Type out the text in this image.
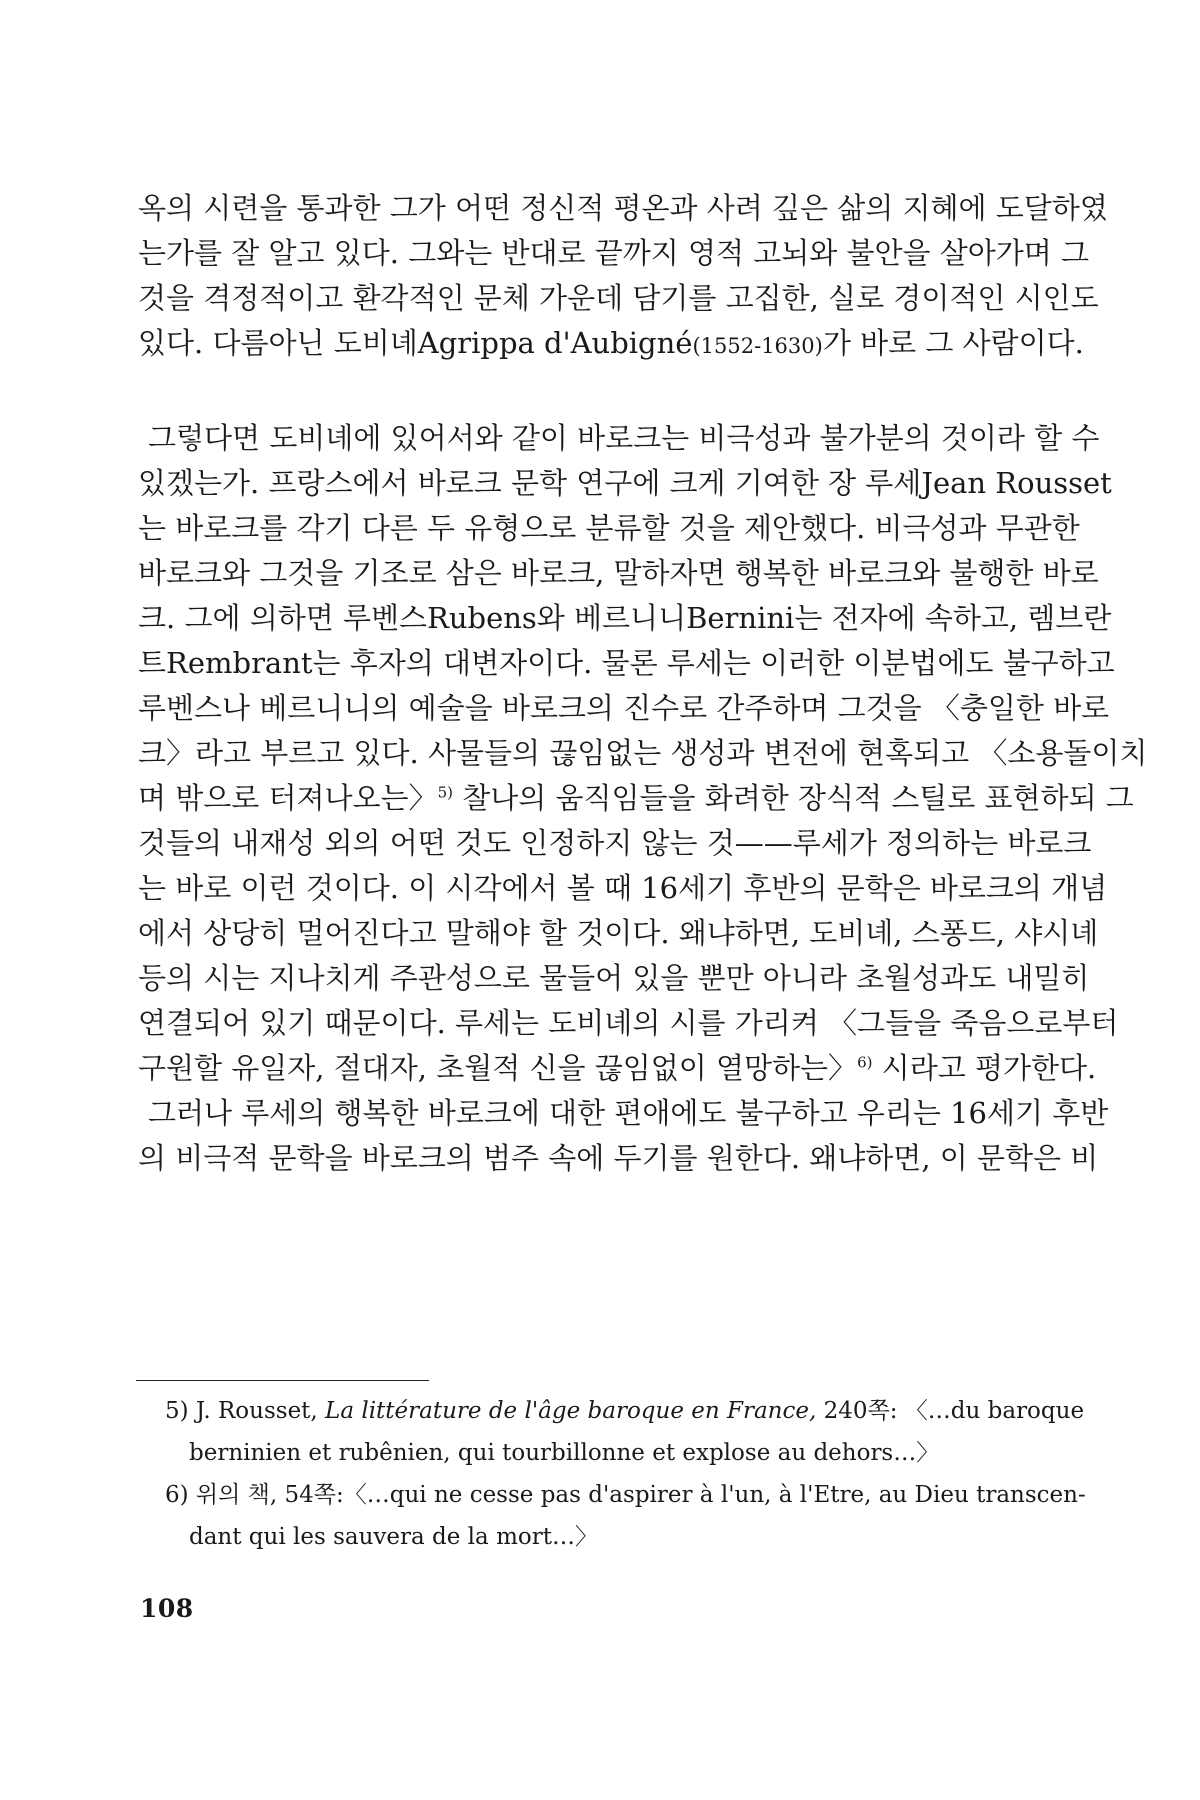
옥의 시련을 통과한 그가 어떤 정신적 평온과 사려 깊은 삶의 지혜에 도달하였
는가를 잘 알고 있다. 그와는 반대로 끝까지 영적 고뇌와 불안을 살아가며 그
것을 격정적이고 환각적인 문체 가운데 담기를 고집한, 실로 경이적인 시인도
있다. 다름아닌 도비녜Agrippa d'Aubigné(1552-1630)가 바로 그 사람이다.
그렇다면 도비녜에 있어서와 같이 바로크는 비극성과 불가분의 것이라 할 수
있겠는가. 프랑스에서 바로크 문학 연구에 크게 기여한 장 루세Jean Rousset
는 바로크를 각기 다른 두 유형으로 분류할 것을 제안했다. 비극성과 무관한
바로크와 그것을 기조로 삼은 바로크, 말하자면 행복한 바로크와 불행한 바로
크. 그에 의하면 루벤스Rubens와 베르니니Bernini는 전자에 속하고, 렘브란
트Rembrant는 후자의 대변자이다. 물론 루세는 이러한 이분법에도 불구하고
루벤스나 베르니니의 예술을 바로크의 진수로 간주하며 그것을 〈충일한 바로
크〉라고 부르고 있다. 사물들의 끊임없는 생성과 변전에 현혹되고 〈소용돌이치
며 밖으로 터져나오는〉$^{5)}$ 찰나의 움직임들을 화려한 장식적 스틸로 표현하되 그
것들의 내재성 외의 어떤 것도 인정하지 않는 것——루세가 정의하는 바로크
는 바로 이런 것이다. 이 시각에서 볼 때 16세기 후반의 문학은 바로크의 개념
에서 상당히 멀어진다고 말해야 할 것이다. 왜냐하면, 도비녜, 스퐁드, 샤시녜
등의 시는 지나치게 주관성으로 물들어 있을 뿐만 아니라 초월성과도 내밀히
연결되어 있기 때문이다. 루세는 도비녜의 시를 가리켜 〈그들을 죽음으로부터
구원할 유일자, 절대자, 초월적 신을 끊임없이 열망하는〉$^{6)}$ 시라고 평가한다.
그러나 루세의 행복한 바로크에 대한 편애에도 불구하고 우리는 16세기 후반
의 비극적 문학을 바로크의 범주 속에 두기를 원한다. 왜냐하면, 이 문학은 비
5) J. Rousset, La littérature de l'âge baroque en France, 240쪽: 〈…du baroque
berninien et rubênien, qui tourbillonne et explose au dehors…〉
6) 위의 책, 54쪽:〈…qui ne cesse pas d'aspirer à l'un, à l'Etre, au Dieu transcen-
dant qui les sauvera de la mort…〉
108
